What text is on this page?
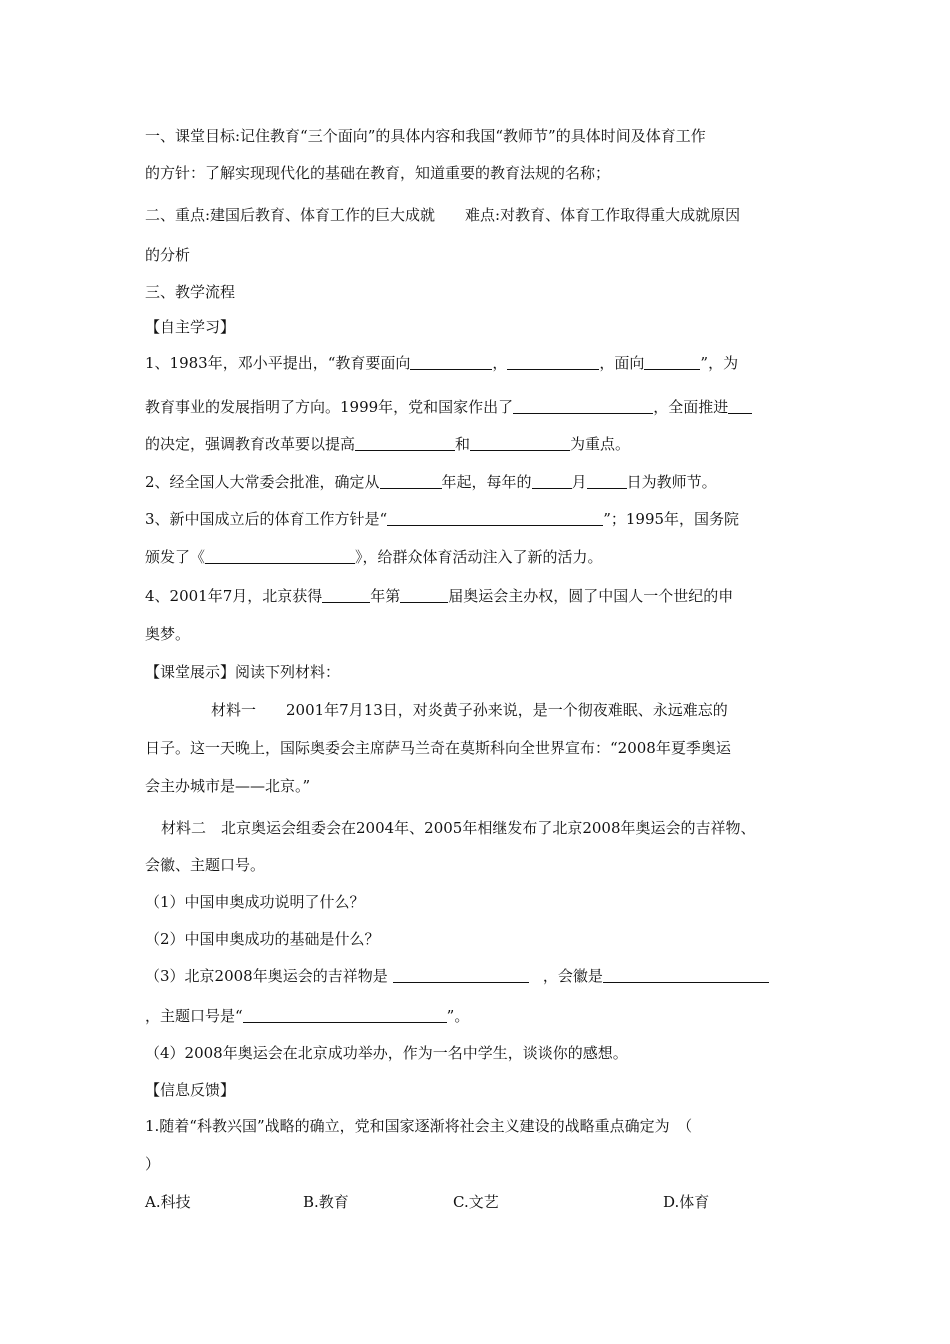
一、课堂目标:记住教育“三个面向”的具体内容和我国“教师节”的具体时间及体育工作
的方针：了解实现现代化的基础在教育，知道重要的教育法规的名称；
二、重点:建国后教育、体育工作的巨大成就　　难点:对教育、体育工作取得重大成就原因
的分析
三、教学流程
【自主学习】
1、1983年，邓小平提出，“教育要面向	，	，面向	”，为
教育事业的发展指明了方向。1999年，党和国家作出了	，全面推进
的决定，强调教育改革要以提高	和	为重点。
2、经全国人大常委会批准，确定从	年起，每年的	月	日为教师节。
3、新中国成立后的体育工作方针是“	”；1995年，国务院
颁发了《	》，给群众体育活动注入了新的活力。
4、2001年7月，北京获得	年第	届奥运会主办权，圆了中国人一个世纪的申
奥梦。
【课堂展示】阅读下列材料：
材料一　　2001年7月13日，对炎黄子孙来说，是一个彻夜难眠、永远难忘的
日子。这一天晚上，国际奥委会主席萨马兰奇在莫斯科向全世界宣布：“2008年夏季奥运
会主办城市是——北京。”
材料二　北京奥运会组委会在2004年、2005年相继发布了北京2008年奥运会的吉祥物、
会徽、主题口号。
（1）中国申奥成功说明了什么？
（2）中国申奥成功的基础是什么？
（3）北京2008年奥运会的吉祥物是	，会徽是
，主题口号是“	”。
（4）2008年奥运会在北京成功举办，作为一名中学生，谈谈你的感想。
【信息反馈】
1.随着“科教兴国”战略的确立，党和国家逐渐将社会主义建设的战略重点确定为　（
）
A.科技	B.教育	C.文艺	D.体育
